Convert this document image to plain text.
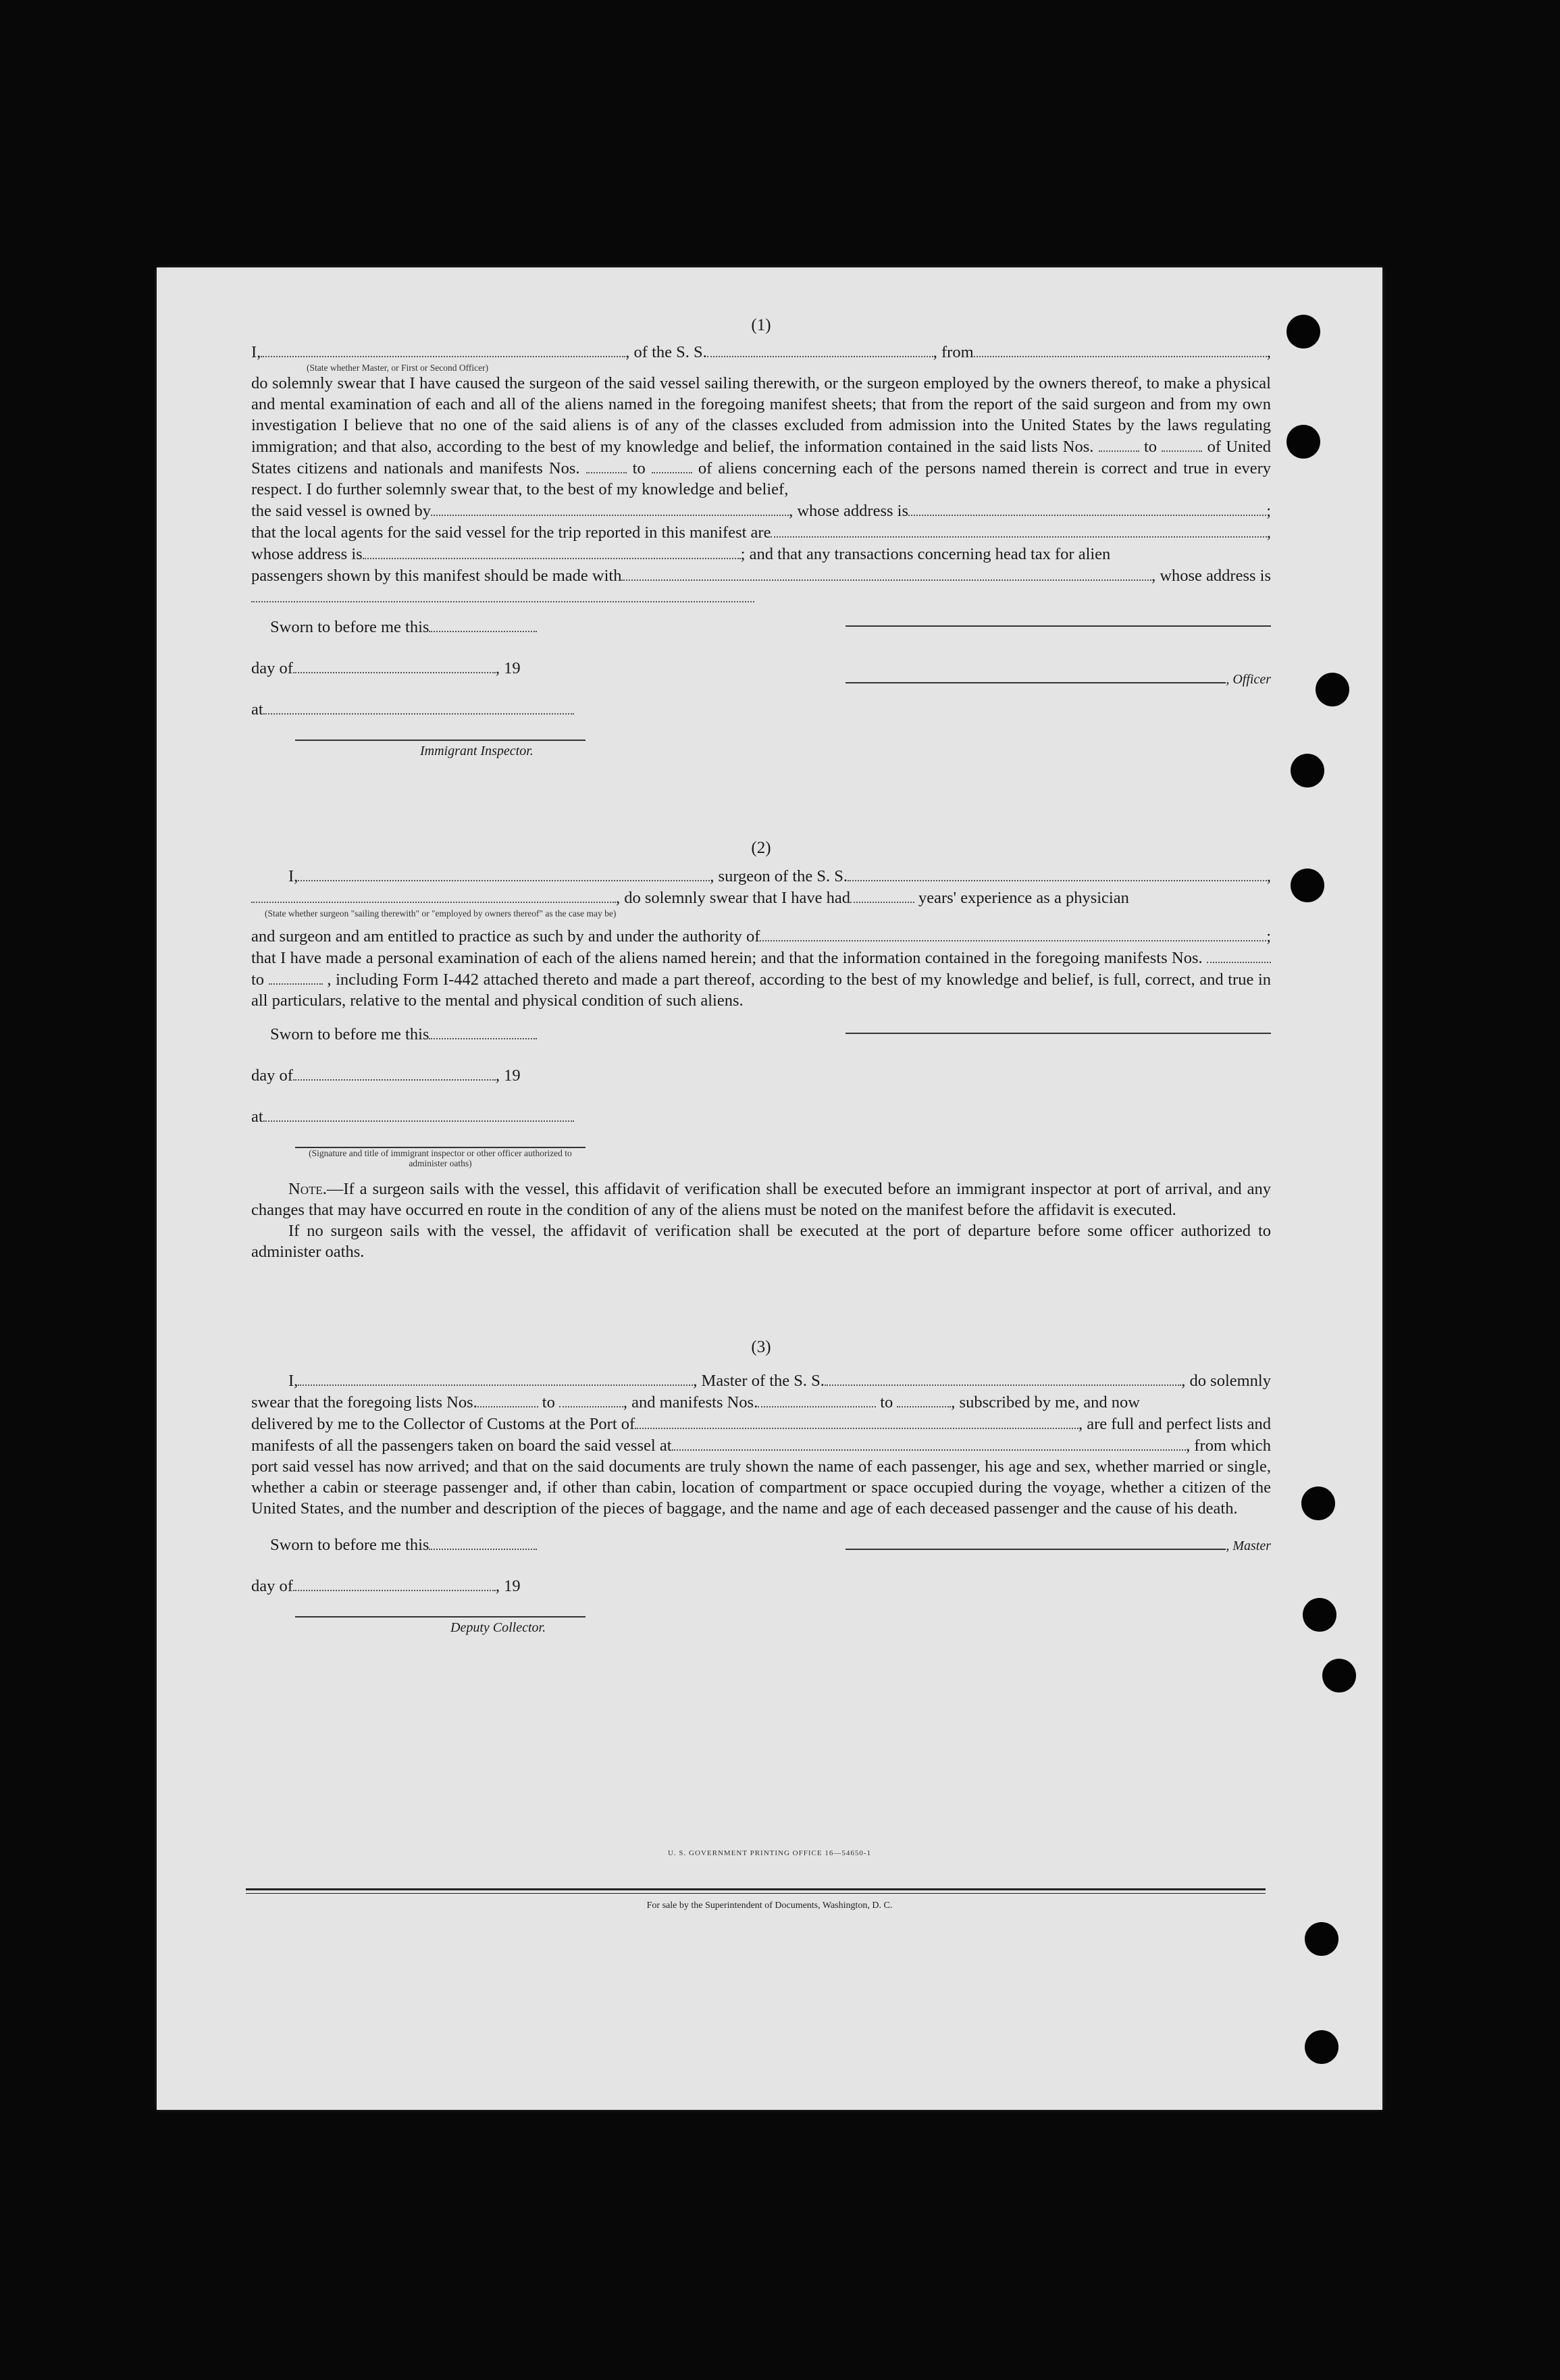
(1)
I,	, of the S. S.	, from	,
(State whether Master, or First or Second Officer)

do solemnly swear that I have caused the surgeon of the said vessel sailing therewith, or the surgeon employed by the owners thereof, to make a physical and mental examination of each and all of the aliens named in the foregoing manifest sheets; that from the report of the said surgeon and from my own investigation I believe that no one of the said aliens is of any of the classes excluded from admission into the United States by the laws regulating immigration; and that also, according to the best of my knowledge and belief, the information contained in the said lists Nos.	to	of United States citizens and nationals and manifests Nos.	to	of aliens concerning each of the persons named therein is correct and true in every respect. I do further solemnly swear that, to the best of my knowledge and belief,

the said vessel is owned by	, whose address is	;
that the local agents for the said vessel for the trip reported in this manifest are	,
whose address is	; and that any transactions concerning head tax for alien
passengers shown by this manifest should be made with	, whose address is
Sworn to before me this
day of	, 19
at
Immigrant Inspector.
, Officer
(2)
I,	, surgeon of the S. S.	,
, do solemnly swear that I have had	years' experience as a physician
(State whether surgeon "sailing therewith" or "employed by owners thereof" as the case may be)
and surgeon and am entitled to practice as such by and under the authority of	;

that I have made a personal examination of each of the aliens named herein; and that the information contained in the foregoing manifests Nos.  to	, including Form I-442 attached thereto and made a part thereof, according to the best of my knowledge and belief, is full, correct, and true in all particulars, relative to the mental and physical condition of such aliens.

Sworn to before me this
day of	, 19
at
(Signature and title of immigrant inspector or other officer authorized to administer oaths)

Note.—If a surgeon sails with the vessel, this affidavit of verification shall be executed before an immigrant inspector at port of arrival, and any changes that may have occurred en route in the condition of any of the aliens must be noted on the manifest before the affidavit is executed.

If no surgeon sails with the vessel, the affidavit of verification shall be executed at the port of departure before some officer authorized to administer oaths.

(3)
I,	, Master of the S. S.	, do solemnly
swear that the foregoing lists Nos.	to	, and manifests Nos.	to	, subscribed by me, and now
delivered by me to the Collector of Customs at the Port of	, are full and perfect lists and
manifests of all the passengers taken on board the said vessel at	, from which

port said vessel has now arrived; and that on the said documents are truly shown the name of each passenger, his age and sex, whether married or single, whether a cabin or steerage passenger and, if other than cabin, location of compartment or space occupied during the voyage, whether a citizen of the United States, and the number and description of the pieces of baggage, and the name and age of each deceased passenger and the cause of his death.

Sworn to before me this
day of	, 19
Deputy Collector.
, Master
U. S. GOVERNMENT PRINTING OFFICE 16—54650-1
For sale by the Superintendent of Documents, Washington, D. C.
